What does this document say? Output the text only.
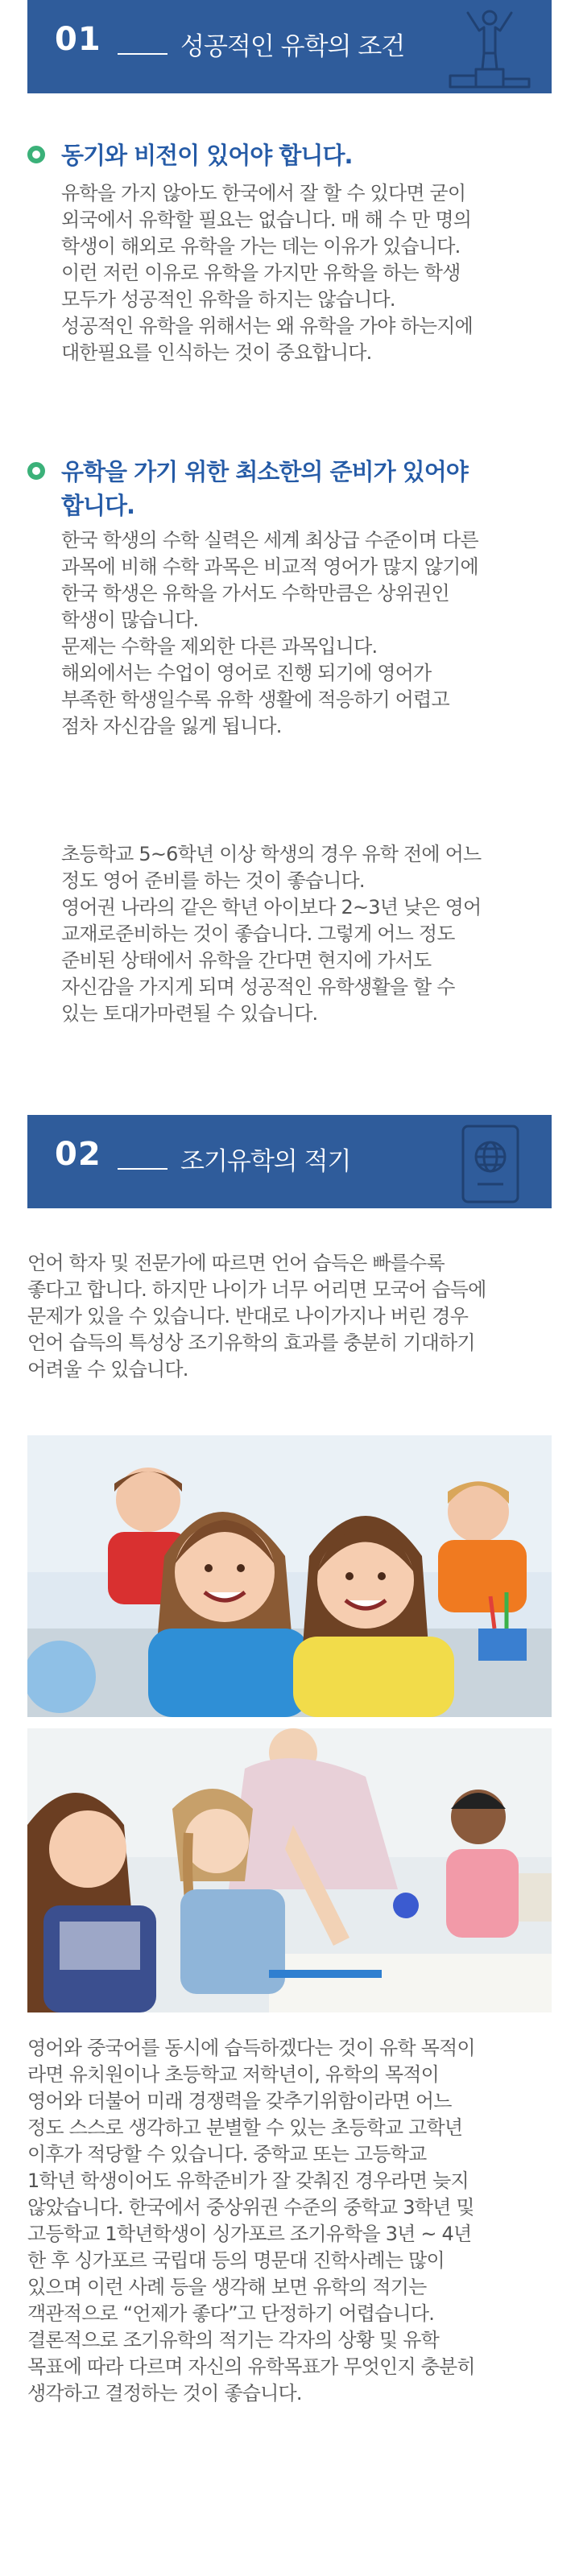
01	성공적인 유학의 조건
동기와 비전이 있어야 합니다.
유학을 가지 않아도 한국에서 잘 할 수 있다면 굳이
외국에서 유학할 필요는 없습니다. 매 해 수 만 명의
학생이 해외로 유학을 가는 데는 이유가 있습니다.
이런 저런 이유로 유학을 가지만 유학을 하는 학생
모두가 성공적인 유학을 하지는 않습니다.
성공적인 유학을 위해서는 왜 유학을 가야 하는지에
대한필요를 인식하는 것이 중요합니다.
유학을 가기 위한 최소한의 준비가 있어야
합니다.
한국 학생의 수학 실력은 세계 최상급 수준이며 다른
과목에 비해 수학 과목은 비교적 영어가 많지 않기에
한국 학생은 유학을 가서도 수학만큼은 상위권인
학생이 많습니다.
문제는 수학을 제외한 다른 과목입니다.
해외에서는 수업이 영어로 진행 되기에 영어가
부족한 학생일수록 유학 생활에 적응하기 어렵고
점차 자신감을 잃게 됩니다.
초등학교 5~6학년 이상 학생의 경우 유학 전에 어느
정도 영어 준비를 하는 것이 좋습니다.
영어권 나라의 같은 학년 아이보다 2~3년 낮은 영어
교재로준비하는 것이 좋습니다. 그렇게 어느 정도
준비된 상태에서 유학을 간다면 현지에 가서도
자신감을 가지게 되며 성공적인 유학생활을 할 수
있는 토대가마련될 수 있습니다.
02	조기유학의 적기
언어 학자 및 전문가에 따르면 언어 습득은 빠를수록
좋다고 합니다. 하지만 나이가 너무 어리면 모국어 습득에
문제가 있을 수 있습니다. 반대로 나이가지나 버린 경우
언어 습득의 특성상 조기유학의 효과를 충분히 기대하기
어려울 수 있습니다.
영어와 중국어를 동시에 습득하겠다는 것이 유학 목적이
라면 유치원이나 초등학교 저학년이, 유학의 목적이
영어와 더불어 미래 경쟁력을 갖추기위함이라면 어느
정도 스스로 생각하고 분별할 수 있는 초등학교 고학년
이후가 적당할 수 있습니다. 중학교 또는 고등학교
1학년 학생이어도 유학준비가 잘 갖춰진 경우라면 늦지
않았습니다. 한국에서 중상위권 수준의 중학교 3학년 및
고등학교 1학년학생이 싱가포르 조기유학을 3년 ~ 4년
한 후 싱가포르 국립대 등의 명문대 진학사례는 많이
있으며 이런 사례 등을 생각해 보면 유학의 적기는
객관적으로 “언제가 좋다”고 단정하기 어렵습니다.
결론적으로 조기유학의 적기는 각자의 상황 및 유학
목표에 따라 다르며 자신의 유학목표가 무엇인지 충분히
생각하고 결정하는 것이 좋습니다.
